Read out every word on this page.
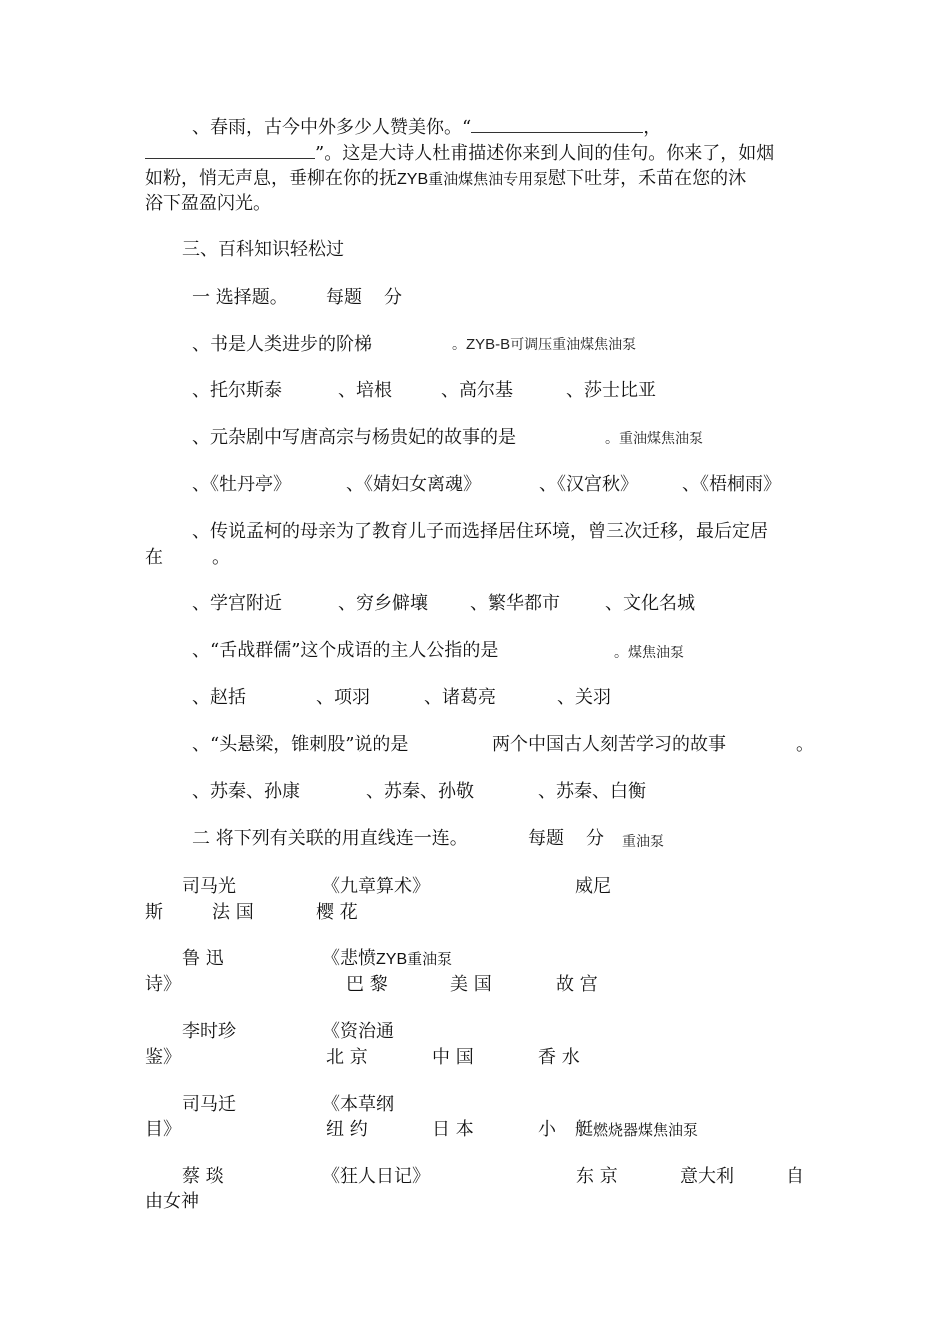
、春雨，古今中外多少人赞美你。“	，
”。这是大诗人杜甫描述你来到人间的佳句。你来了，如烟
如粉，悄无声息，垂柳在你的抚ZYB重油煤焦油专用泵慰下吐芽，禾苗在您的沐
浴下盈盈闪光。
三、百科知识轻松过
一 选择题。 每题 分
、书是人类进步的阶梯	。ZYB-B可调压重油煤焦油泵
、托尔斯泰	、培根	、高尔基	、莎士比亚
、元杂剧中写唐高宗与杨贵妃的故事的是	。重油煤焦油泵
、《牡丹亭》	、《婧妇女离魂》	、《汉宫秋》 、《梧桐雨》
、传说孟柯的母亲为了教育儿子而选择居住环境，曾三次迁移，最后定居
在	。
、学宫附近	、穷乡僻壤 、繁华都市	、文化名城
、“舌战群儒”这个成语的主人公指的是	。煤焦油泵
、赵括	、项羽	、诸葛亮	、关羽
、“头悬梁，锥刺股”说的是	两个中国古人刻苦学习的故事	。
、苏秦、孙康	、苏秦、孙敬	、苏秦、白衡
二 将下列有关联的用直线连一连。	每题 分 重油泵
司马光	《九章算术》	威尼
斯	法 国	樱 花
鲁 迅	《悲愤ZYB重油泵
诗》	巴 黎	美 国	故 宫
李时珍	《资治通
鉴》	北 京	中 国	香 水
司马迁	《本草纲
目》	纽 约	日 本	小 艇燃烧器煤焦油泵
蔡 琰	《狂人日记》	东 京	意大利	自
由女神
